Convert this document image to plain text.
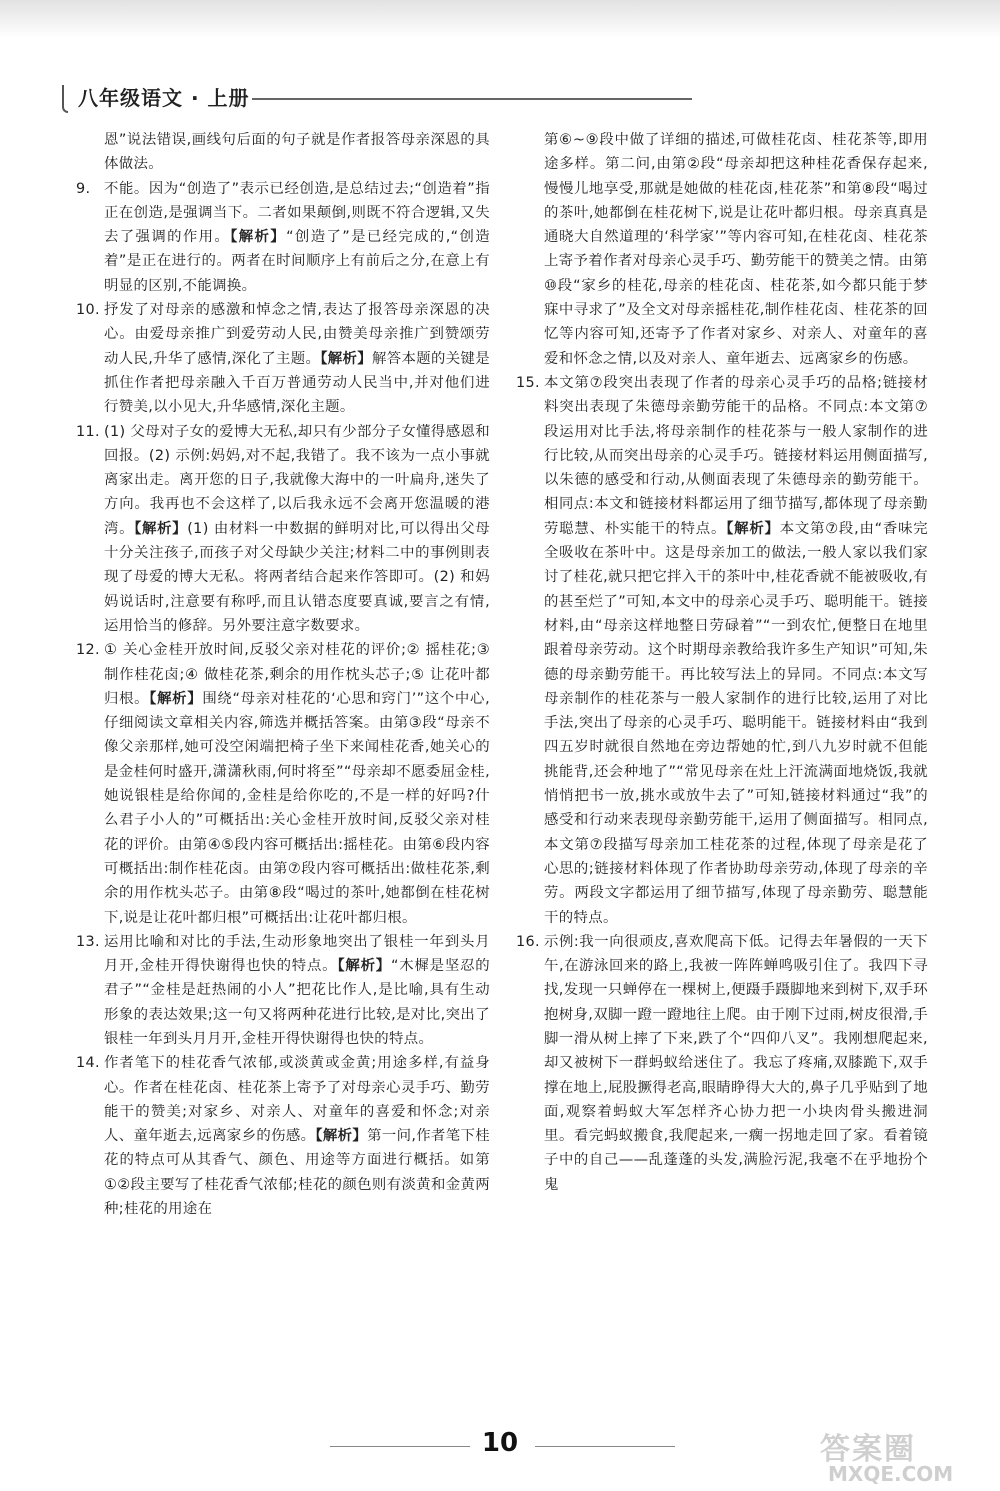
八年级语文 · 上册
恩”说法错误,画线句后面的句子就是作者报答母亲深恩的具体做法。
9. 不能。因为“创造了”表示已经创造,是总结过去;“创造着”指正在创造,是强调当下。二者如果颠倒,则既不符合逻辑,又失去了强调的作用。【解析】“创造了”是已经完成的,“创造着”是正在进行的。两者在时间顺序上有前后之分,在意上有明显的区别,不能调换。
10. 抒发了对母亲的感激和悼念之情,表达了报答母亲深恩的决心。由爱母亲推广到爱劳动人民,由赞美母亲推广到赞颂劳动人民,升华了感情,深化了主题。【解析】解答本题的关键是抓住作者把母亲融入千百万普通劳动人民当中,并对他们进行赞美,以小见大,升华感情,深化主题。
11. (1) 父母对子女的爱博大无私,却只有少部分子女懂得感恩和回报。(2) 示例:妈妈,对不起,我错了。我不该为一点小事就离家出走。离开您的日子,我就像大海中的一叶扁舟,迷失了方向。我再也不会这样了,以后我永远不会离开您温暖的港湾。【解析】(1) 由材料一中数据的鲜明对比,可以得出父母十分关注孩子,而孩子对父母缺少关注;材料二中的事例則表现了母爱的博大无私。将两者结合起来作答即可。(2) 和妈妈说话时,注意要有称呼,而且认错态度要真诚,要言之有情,运用恰当的修辞。另外要注意字数要求。
12. ① 关心金桂开放时间,反驳父亲对桂花的评价;② 摇桂花;③ 制作桂花卤;④ 做桂花茶,剩余的用作枕头芯子;⑤ 让花叶都归根。【解析】围绕“母亲对桂花的‘心思和窍门’”这个中心,仔细阅读文章相关内容,筛选并概括答案。由第③段“母亲不像父亲那样,她可没空闲端把椅子坐下来闻桂花香,她关心的是金桂何时盛开,潇潇秋雨,何时将至”“母亲却不愿委屈金桂,她说银桂是给你闻的,金桂是给你吃的,不是一样的好吗?什么君子小人的”可概括出:关心金桂开放时间,反驳父亲对桂花的评价。由第④⑤段内容可概括出:摇桂花。由第⑥段内容可概括出:制作桂花卤。由第⑦段内容可概括出:做桂花茶,剩余的用作枕头芯子。由第⑧段“喝过的茶叶,她都倒在桂花树下,说是让花叶都归根”可概括出:让花叶都归根。
13. 运用比喻和对比的手法,生动形象地突出了银桂一年到头月月开,金桂开得快谢得也快的特点。【解析】“木樨是坚忍的君子”“金桂是赶热闹的小人”把花比作人,是比喻,具有生动形象的表达效果;这一句又将两种花进行比较,是对比,突出了银桂一年到头月月开,金桂开得快谢得也快的特点。
14. 作者笔下的桂花香气浓郁,或淡黄或金黄;用途多样,有益身心。作者在桂花卤、桂花茶上寄予了对母亲心灵手巧、勤劳能干的赞美;对家乡、对亲人、对童年的喜爱和怀念;对亲人、童年逝去,远离家乡的伤感。【解析】第一问,作者笔下桂花的特点可从其香气、颜色、用途等方面进行概括。如第①②段主要写了桂花香气浓郁;桂花的颜色则有淡黄和金黄两种;桂花的用途在
第⑥~⑨段中做了详细的描述,可做桂花卤、桂花茶等,即用途多样。第二问,由第②段“母亲却把这种桂花香保存起来,慢慢儿地享受,那就是她做的桂花卤,桂花茶”和第⑧段“喝过的茶叶,她都倒在桂花树下,说是让花叶都归根。母亲真真是通晓大自然道理的‘科学家’”等内容可知,在桂花卤、桂花茶上寄予着作者对母亲心灵手巧、勤劳能干的赞美之情。由第⑩段“家乡的桂花,母亲的桂花卤、桂花茶,如今都只能于梦寐中寻求了”及全文对母亲摇桂花,制作桂花卤、桂花茶的回忆等内容可知,还寄予了作者对家乡、对亲人、对童年的喜爱和怀念之情,以及对亲人、童年逝去、远离家乡的伤感。
15. 本文第⑦段突出表现了作者的母亲心灵手巧的品格;链接材料突出表现了朱德母亲勤劳能干的品格。不同点:本文第⑦段运用对比手法,将母亲制作的桂花茶与一般人家制作的进行比较,从而突出母亲的心灵手巧。链接材料运用侧面描写,以朱德的感受和行动,从侧面表现了朱德母亲的勤劳能干。相同点:本文和链接材料都运用了细节描写,都体现了母亲勤劳聪慧、朴实能干的特点。【解析】本文第⑦段,由“香味完全吸收在茶叶中。这是母亲加工的做法,一般人家以我们家讨了桂花,就只把它拌入干的茶叶中,桂花香就不能被吸收,有的甚至烂了”可知,本文中的母亲心灵手巧、聪明能干。链接材料,由“母亲这样地整日劳碌着”“一到农忙,便整日在地里跟着母亲劳动。这个时期母亲教给我许多生产知识”可知,朱德的母亲勤劳能干。再比较写法上的异同。不同点:本文写母亲制作的桂花茶与一般人家制作的进行比较,运用了对比手法,突出了母亲的心灵手巧、聪明能干。链接材料由“我到四五岁时就很自然地在旁边帮她的忙,到八九岁时就不但能挑能背,还会种地了”“常见母亲在灶上汗流满面地烧饭,我就悄悄把书一放,挑水或放牛去了”可知,链接材料通过“我”的感受和行动来表现母亲勤劳能干,运用了侧面描写。相同点,本文第⑦段描写母亲加工桂花茶的过程,体现了母亲是花了心思的;链接材料体现了作者协助母亲劳动,体现了母亲的辛劳。两段文字都运用了细节描写,体现了母亲勤劳、聪慧能干的特点。
16. 示例:我一向很顽皮,喜欢爬高下低。记得去年暑假的一天下午,在游泳回来的路上,我被一阵阵蝉鸣吸引住了。我四下寻找,发现一只蝉停在一棵树上,便蹑手蹑脚地来到树下,双手环抱树身,双脚一蹬一蹬地往上爬。由于刚下过雨,树皮很滑,手脚一滑从树上摔了下来,跌了个“四仰八叉”。我刚想爬起来,却又被树下一群蚂蚁给迷住了。我忘了疼痛,双膝跪下,双手撑在地上,屁股撅得老高,眼睛睁得大大的,鼻子几乎贴到了地面,观察着蚂蚁大军怎样齐心协力把一小块肉骨头搬进洞里。看完蚂蚁搬食,我爬起来,一瘸一拐地走回了家。看着镜子中的自己——乱蓬蓬的头发,满脸污泥,我毫不在乎地扮个鬼
10	答案圈
MXQE.COM
